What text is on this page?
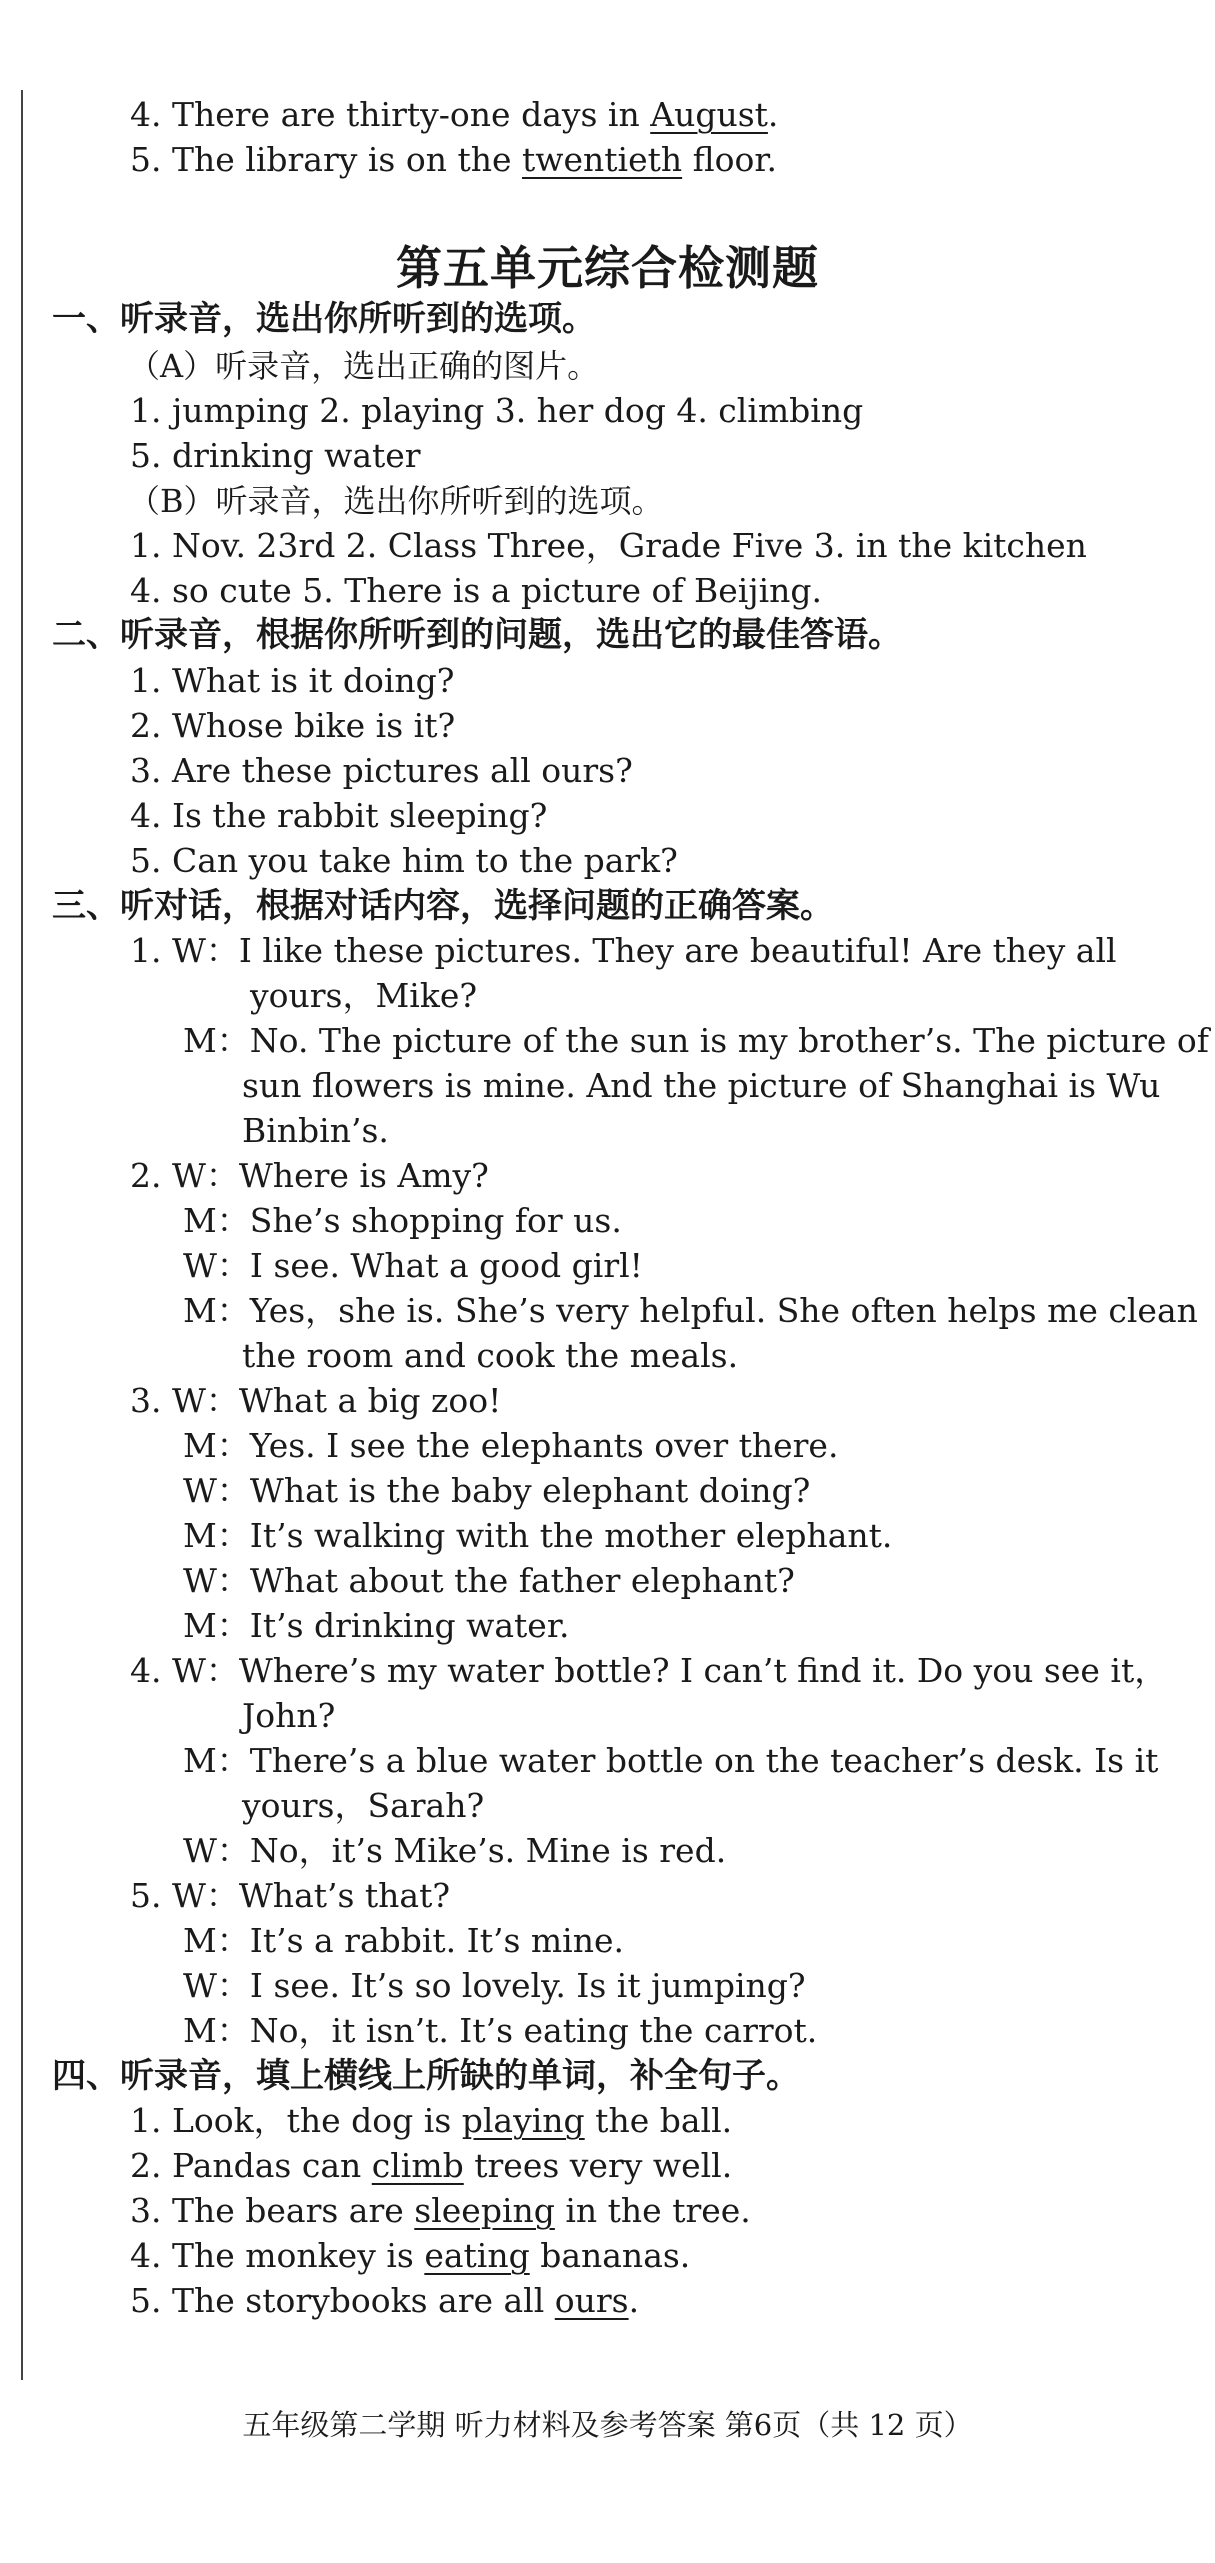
4. There are thirty-one days in August.
5. The library is on the twentieth floor.
第五单元综合检测题
一、听录音，选出你所听到的选项。
（A）听录音，选出正确的图片。
1. jumping 2. playing 3. her dog 4. climbing
5. drinking water
（B）听录音，选出你所听到的选项。
1. Nov. 23rd 2. Class Three，Grade Five 3. in the kitchen
4. so cute 5. There is a picture of Beijing.
二、听录音，根据你所听到的问题，选出它的最佳答语。
1. What is it doing?
2. Whose bike is it?
3. Are these pictures all ours?
4. Is the rabbit sleeping?
5. Can you take him to the park?
三、听对话，根据对话内容，选择问题的正确答案。
1. W：I like these pictures. They are beautiful! Are they all
yours，Mike?
M：No. The picture of the sun is my brother’s. The picture of
sun flowers is mine. And the picture of Shanghai is Wu
Binbin’s.
2. W：Where is Amy?
M：She’s shopping for us.
W：I see. What a good girl!
M：Yes，she is. She’s very helpful. She often helps me clean
the room and cook the meals.
3. W：What a big zoo!
M：Yes. I see the elephants over there.
W：What is the baby elephant doing?
M：It’s walking with the mother elephant.
W：What about the father elephant?
M：It’s drinking water.
4. W：Where’s my water bottle? I can’t find it. Do you see it，
John?
M：There’s a blue water bottle on the teacher’s desk. Is it
yours，Sarah?
W：No，it’s Mike’s. Mine is red.
5. W：What’s that?
M：It’s a rabbit. It’s mine.
W：I see. It’s so lovely. Is it jumping?
M：No，it isn’t. It’s eating the carrot.
四、听录音，填上横线上所缺的单词，补全句子。
1. Look，the dog is playing the ball.
2. Pandas can climb trees very well.
3. The bears are sleeping in the tree.
4. The monkey is eating bananas.
5. The storybooks are all ours.
五年级第二学期 听力材料及参考答案 第6页（共 12 页）
